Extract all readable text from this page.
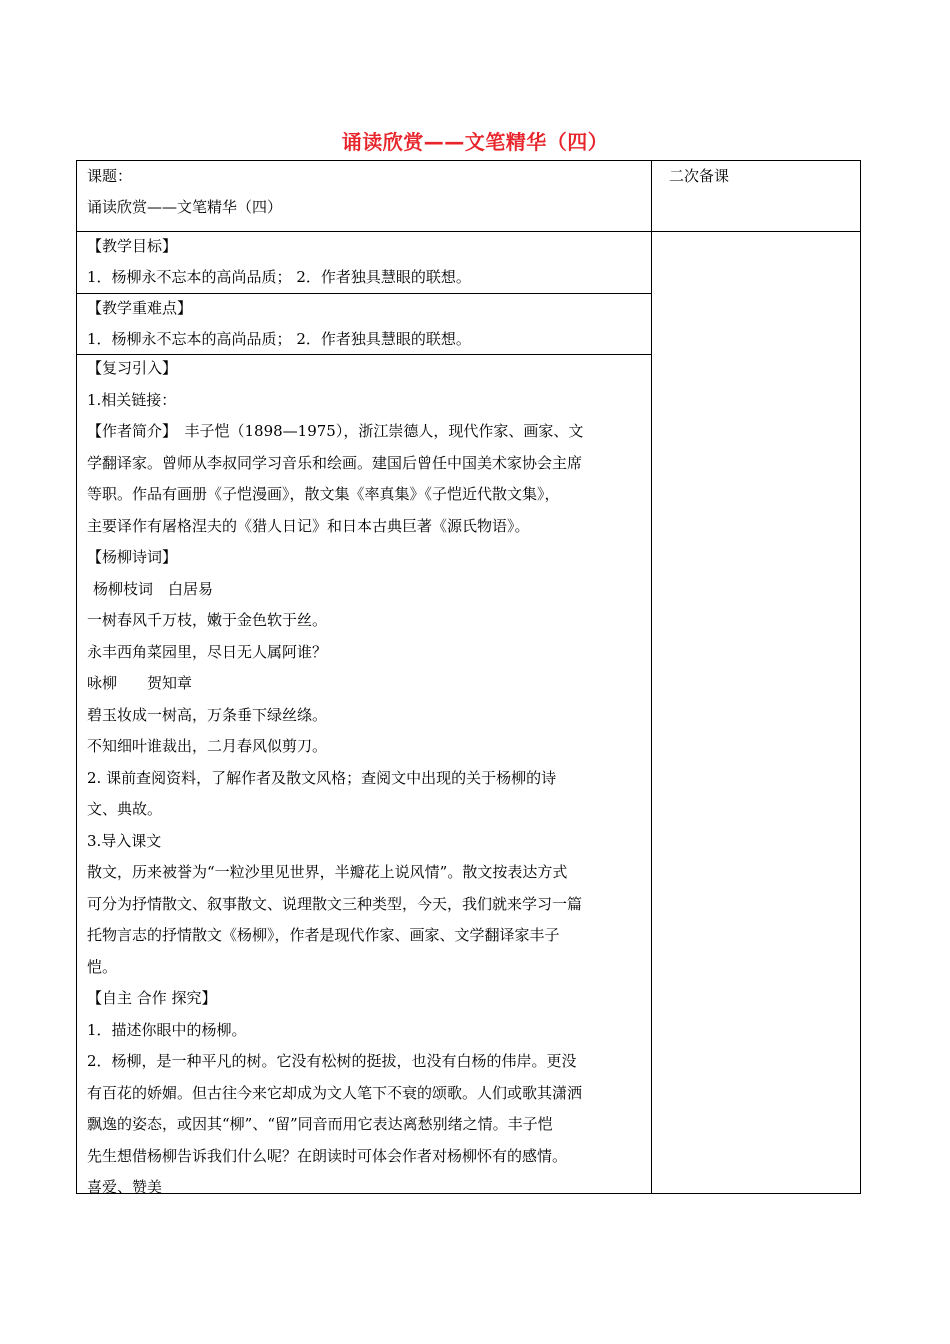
诵读欣赏——文笔精华（四）
二次备课
课题：
诵读欣赏——文笔精华（四）
【教学目标】
1．杨柳永不忘本的高尚品质； 2．作者独具慧眼的联想。
【教学重难点】
1．杨柳永不忘本的高尚品质； 2．作者独具慧眼的联想。
【复习引入】
1.相关链接：
【作者简介】　丰子恺（1898—1975），浙江崇德人，现代作家、画家、文
学翻译家。曾师从李叔同学习音乐和绘画。建国后曾任中国美术家协会主席
等职。作品有画册《子恺漫画》，散文集《率真集》《子恺近代散文集》，
主要译作有屠格涅夫的《猎人日记》和日本古典巨著《源氏物语》。
【杨柳诗词】
杨柳枝词　白居易
一树春风千万枝，嫩于金色软于丝。
永丰西角菜园里，尽日无人属阿谁？
咏柳　　贺知章
碧玉妆成一树高，万条垂下绿丝绦。
不知细叶谁裁出，二月春风似剪刀。
2. 课前查阅资料，了解作者及散文风格；查阅文中出现的关于杨柳的诗
文、典故。
3.导入课文
散文，历来被誉为“一粒沙里见世界，半瓣花上说风情”。散文按表达方式
可分为抒情散文、叙事散文、说理散文三种类型，今天，我们就来学习一篇
托物言志的抒情散文《杨柳》，作者是现代作家、画家、文学翻译家丰子
恺。
【自主 合作 探究】
1．描述你眼中的杨柳。
2．杨柳，是一种平凡的树。它没有松树的挺拔，也没有白杨的伟岸。更没
有百花的娇媚。但古往今来它却成为文人笔下不衰的颂歌。人们或歌其潇洒
飘逸的姿态，或因其“柳”、“留”同音而用它表达离愁别绪之情。丰子恺
先生想借杨柳告诉我们什么呢？在朗读时可体会作者对杨柳怀有的感情。
喜爱、赞美
